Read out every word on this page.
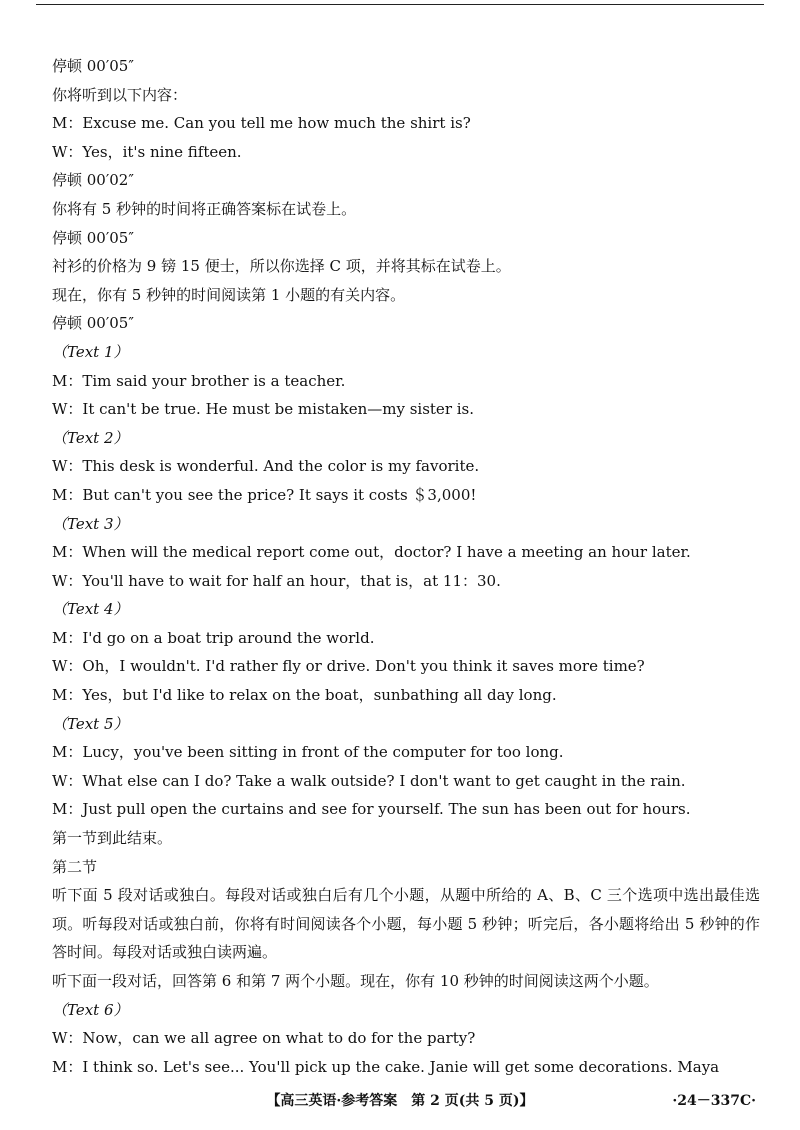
停顿 00′05″
你将听到以下内容：
M：Excuse me. Can you tell me how much the shirt is?
W：Yes，it's nine fifteen.
停顿 00′02″
你将有 5 秒钟的时间将正确答案标在试卷上。
停顿 00′05″
衬衫的价格为 9 镑 15 便士，所以你选择 C 项，并将其标在试卷上。
现在，你有 5 秒钟的时间阅读第 1 小题的有关内容。
停顿 00′05″
（Text 1）
M：Tim said your brother is a teacher.
W：It can't be true. He must be mistaken—my sister is.
（Text 2）
W：This desk is wonderful. And the color is my favorite.
M：But can't you see the price? It says it costs ＄3,000!
（Text 3）
M：When will the medical report come out，doctor? I have a meeting an hour later.
W：You'll have to wait for half an hour，that is，at 11：30.
（Text 4）
M：I'd go on a boat trip around the world.
W：Oh，I wouldn't. I'd rather fly or drive. Don't you think it saves more time?
M：Yes，but I'd like to relax on the boat，sunbathing all day long.
（Text 5）
M：Lucy，you've been sitting in front of the computer for too long.
W：What else can I do? Take a walk outside? I don't want to get caught in the rain.
M：Just pull open the curtains and see for yourself. The sun has been out for hours.
第一节到此结束。
第二节
听下面 5 段对话或独白。每段对话或独白后有几个小题，从题中所给的 A、B、C 三个选项中选出最佳选项。听每段对话或独白前，你将有时间阅读各个小题，每小题 5 秒钟；听完后，各小题将给出 5 秒钟的作答时间。每段对话或独白读两遍。
听下面一段对话，回答第 6 和第 7 两个小题。现在，你有 10 秒钟的时间阅读这两个小题。
（Text 6）
W：Now，can we all agree on what to do for the party?
M：I think so. Let's see... You'll pick up the cake. Janie will get some decorations. Maya
【高三英语·参考答案　第 2 页(共 5 页)】	·24－337C·
